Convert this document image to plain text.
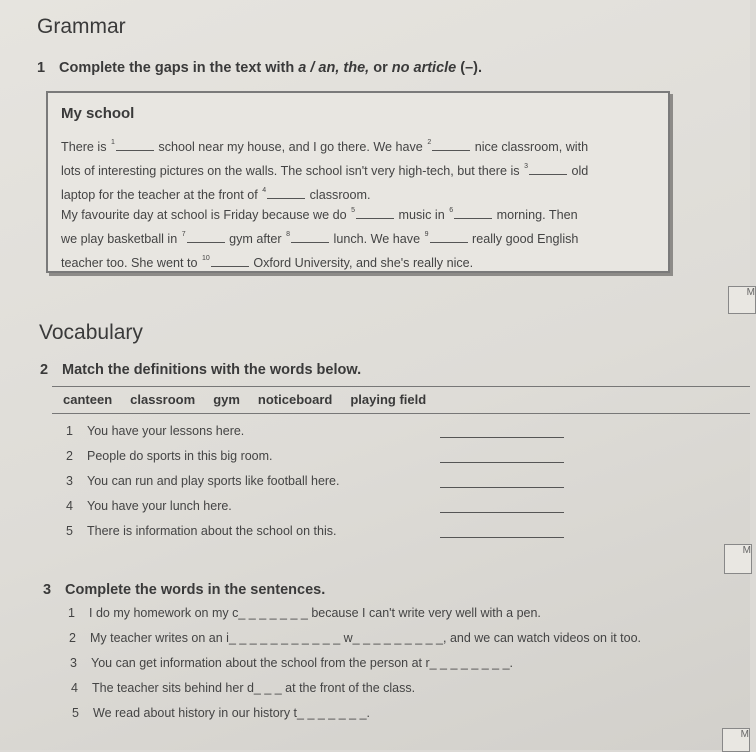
Grammar
1 Complete the gaps in the text with a / an, the, or no article (–).
My school
There is $^1$	school near my house, and I go there. We have $^2$	nice classroom, with
lots of interesting pictures on the walls. The school isn't very high-tech, but there is $^3$	old
laptop for the teacher at the front of $^4$	classroom.
My favourite day at school is Friday because we do $^5$	music in $^6$	morning. Then
we play basketball in $^7$	gym after $^8$	lunch. We have $^9$	really good English
teacher too. She went to $^{10}$	Oxford University, and she's really nice.
M
Vocabulary
2 Match the definitions with the words below.
canteen classroom gym noticeboard playing field
1 You have your lessons here.
2 People do sports in this big room.
3 You can run and play sports like football here.
4 You have your lunch here.
5 There is information about the school on this.
M
3 Complete the words in the sentences.
1 I do my homework on my c_ _ _ _ _ _ _ because I can't write very well with a pen.
2 My teacher writes on an i_ _ _ _ _ _ _ _ _ _ _ w_ _ _ _ _ _ _ _ _, and we can watch videos on it too.
3 You can get information about the school from the person at r_ _ _ _ _ _ _ _.
4 The teacher sits behind her d_ _ _ at the front of the class.
5 We read about history in our history t_ _ _ _ _ _ _.
M
